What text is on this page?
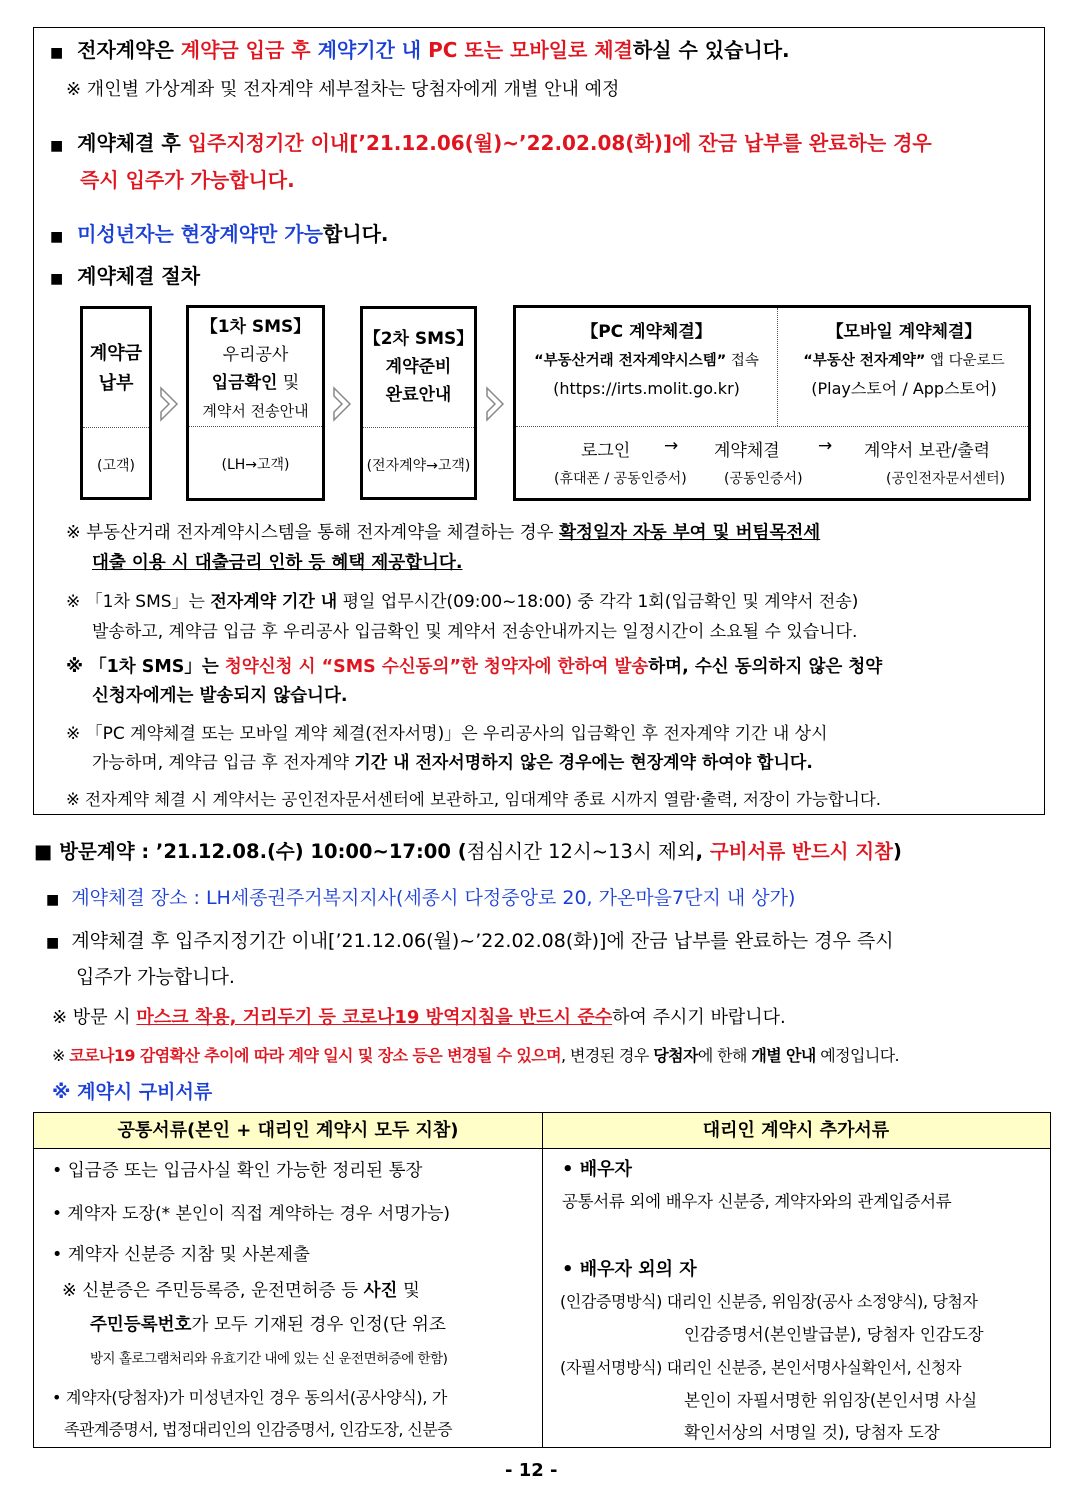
■ 전자계약은 계약금 입금 후 계약기간 내 PC 또는 모바일로 체결하실 수 있습니다.
※ 개인별 가상계좌 및 전자계약 세부절차는 당첨자에게 개별 안내 예정
■ 계약체결 후 입주지정기간 이내[’21.12.06(월)~’22.02.08(화)]에 잔금 납부를 완료하는 경우
즉시 입주가 가능합니다.
■ 미성년자는 현장계약만 가능합니다.
■ 계약체결 절차
계약금
납부
(고객)
【1차 SMS】
우리공사
입금확인 및
계약서 전송안내
(LH→고객)
【2차 SMS】
계약준비
완료안내
(전자계약→고객)
【PC 계약체결】
“부동산거래 전자계약시스템” 접속
(https://irts.molit.go.kr)
【모바일 계약체결】
“부동산 전자계약” 앱 다운로드
(Play스토어 / App스토어)
로그인 → 계약체결 → 계약서 보관/출력
(휴대폰 / 공동인증서)	(공동인증서)	(공인전자문서센터)
※ 부동산거래 전자계약시스템을 통해 전자계약을 체결하는 경우 확정일자 자동 부여 및 버팀목전세
대출 이용 시 대출금리 인하 등 혜택 제공합니다.
※ 「1차 SMS」는 전자계약 기간 내 평일 업무시간(09:00~18:00) 중 각각 1회(입금확인 및 계약서 전송)
발송하고, 계약금 입금 후 우리공사 입금확인 및 계약서 전송안내까지는 일정시간이 소요될 수 있습니다.
※ 「1차 SMS」는 청약신청 시 “SMS 수신동의”한 청약자에 한하여 발송하며, 수신 동의하지 않은 청약
신청자에게는 발송되지 않습니다.
※ 「PC 계약체결 또는 모바일 계약 체결(전자서명)」은 우리공사의 입금확인 후 전자계약 기간 내 상시
가능하며, 계약금 입금 후 전자계약 기간 내 전자서명하지 않은 경우에는 현장계약 하여야 합니다.
※ 전자계약 체결 시 계약서는 공인전자문서센터에 보관하고, 임대계약 종료 시까지 열람·출력, 저장이 가능합니다.
■ 방문계약 : ’21.12.08.(수) 10:00~17:00 (점심시간 12시~13시 제외, 구비서류 반드시 지참)
■ 계약체결 장소 : LH세종권주거복지지사(세종시 다정중앙로 20, 가온마을7단지 내 상가)
■ 계약체결 후 입주지정기간 이내[’21.12.06(월)~’22.02.08(화)]에 잔금 납부를 완료하는 경우 즉시
입주가 가능합니다.
※ 방문 시 마스크 착용, 거리두기 등 코로나19 방역지침을 반드시 준수하여 주시기 바랍니다.
※ 코로나19 감염확산 추이에 따라 계약 일시 및 장소 등은 변경될 수 있으며, 변경된 경우 당첨자에 한해 개별 안내 예정입니다.
※ 계약시 구비서류
공통서류(본인 + 대리인 계약시 모두 지참)	대리인 계약시 추가서류
• 입금증 또는 입금사실 확인 가능한 정리된 통장
• 계약자 도장(* 본인이 직접 계약하는 경우 서명가능)
• 계약자 신분증 지참 및 사본제출
※ 신분증은 주민등록증, 운전면허증 등 사진 및
주민등록번호가 모두 기재된 경우 인정(단 위조
방지 홀로그램처리와 유효기간 내에 있는 신 운전면허증에 한함)
• 계약자(당첨자)가 미성년자인 경우 동의서(공사양식), 가
족관계증명서, 법정대리인의 인감증명서, 인감도장, 신분증
• 배우자
공통서류 외에 배우자 신분증, 계약자와의 관계입증서류
• 배우자 외의 자
(인감증명방식) 대리인 신분증, 위임장(공사 소정양식), 당첨자
인감증명서(본인발급분), 당첨자 인감도장
(자필서명방식) 대리인 신분증, 본인서명사실확인서, 신청자
본인이 자필서명한 위임장(본인서명 사실
확인서상의 서명일 것), 당첨자 도장
- 12 -
